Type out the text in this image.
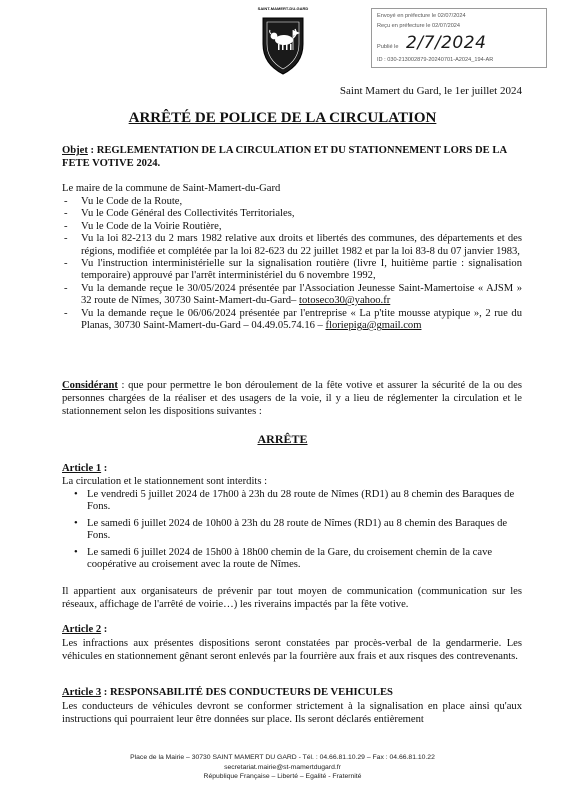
Envoyé en préfecture le 02/07/2024
Reçu en préfecture le 02/07/2024
Publié le 2/7/2024
ID : 030-213002879-20240701-A2024_194-AR
SAINT-MAMERT-DU-GARD
Saint Mamert du Gard, le 1er juillet 2024
ARRÊTÉ DE POLICE DE LA CIRCULATION
Objet : REGLEMENTATION DE LA CIRCULATION ET DU STATIONNEMENT LORS DE LA FETE VOTIVE 2024.
Le maire de la commune de Saint-Mamert-du-Gard
- Vu le Code de la Route,
- Vu le Code Général des Collectivités Territoriales,
- Vu le Code de la Voirie Routière,
- Vu la loi 82-213 du 2 mars 1982 relative aux droits et libertés des communes, des départements et des régions, modifiée et complétée par la loi 82-623 du 22 juillet 1982 et par la loi 83-8 du 07 janvier 1983,
- Vu l'instruction interministérielle sur la signalisation routière (livre I, huitième partie : signalisation temporaire) approuvé par l'arrêt interministériel du 6 novembre 1992,
- Vu la demande reçue le 30/05/2024 présentée par l'Association Jeunesse Saint-Mamertoise « AJSM » 32 route de Nîmes, 30730 Saint-Mamert-du-Gard– totoseco30@yahoo.fr
- Vu la demande reçue le 06/06/2024 présentée par l'entreprise « La p'tite mousse atypique », 2 rue du Planas, 30730 Saint-Mamert-du-Gard – 04.49.05.74.16 – floriepiga@gmail.com
Considérant : que pour permettre le bon déroulement de la fête votive et assurer la sécurité de la ou des personnes chargées de la réaliser et des usagers de la voie, il y a lieu de réglementer la circulation et le stationnement selon les dispositions suivantes :
ARRÊTE
Article 1 :
La circulation et le stationnement sont interdits :
• Le vendredi 5 juillet 2024 de 17h00 à 23h du 28 route de Nîmes (RD1) au 8 chemin des Baraques de Fons.
• Le samedi 6 juillet 2024 de 10h00 à 23h du 28 route de Nîmes (RD1) au 8 chemin des Baraques de Fons.
• Le samedi 6 juillet 2024 de 15h00 à 18h00 chemin de la Gare, du croisement chemin de la cave coopérative au croisement avec la route de Nîmes.
Il appartient aux organisateurs de prévenir par tout moyen de communication (communication sur les réseaux, affichage de l'arrêté de voirie…) les riverains impactés par la fête votive.
Article 2 :
Les infractions aux présentes dispositions seront constatées par procès-verbal de la gendarmerie. Les véhicules en stationnement gênant seront enlevés par la fourrière aux frais et aux risques des contrevenants.
Article 3 : RESPONSABILITÉ DES CONDUCTEURS DE VEHICULES
Les conducteurs de véhicules devront se conformer strictement à la signalisation en place ainsi qu'aux instructions qui pourraient leur être données sur place. Ils seront déclarés entièrement
Place de la Mairie – 30730 SAINT MAMERT DU GARD - Tél. : 04.66.81.10.29 – Fax : 04.66.81.10.22
secretariat.mairie@st-mamertdugard.fr
République Française – Liberté – Egalité - Fraternité
